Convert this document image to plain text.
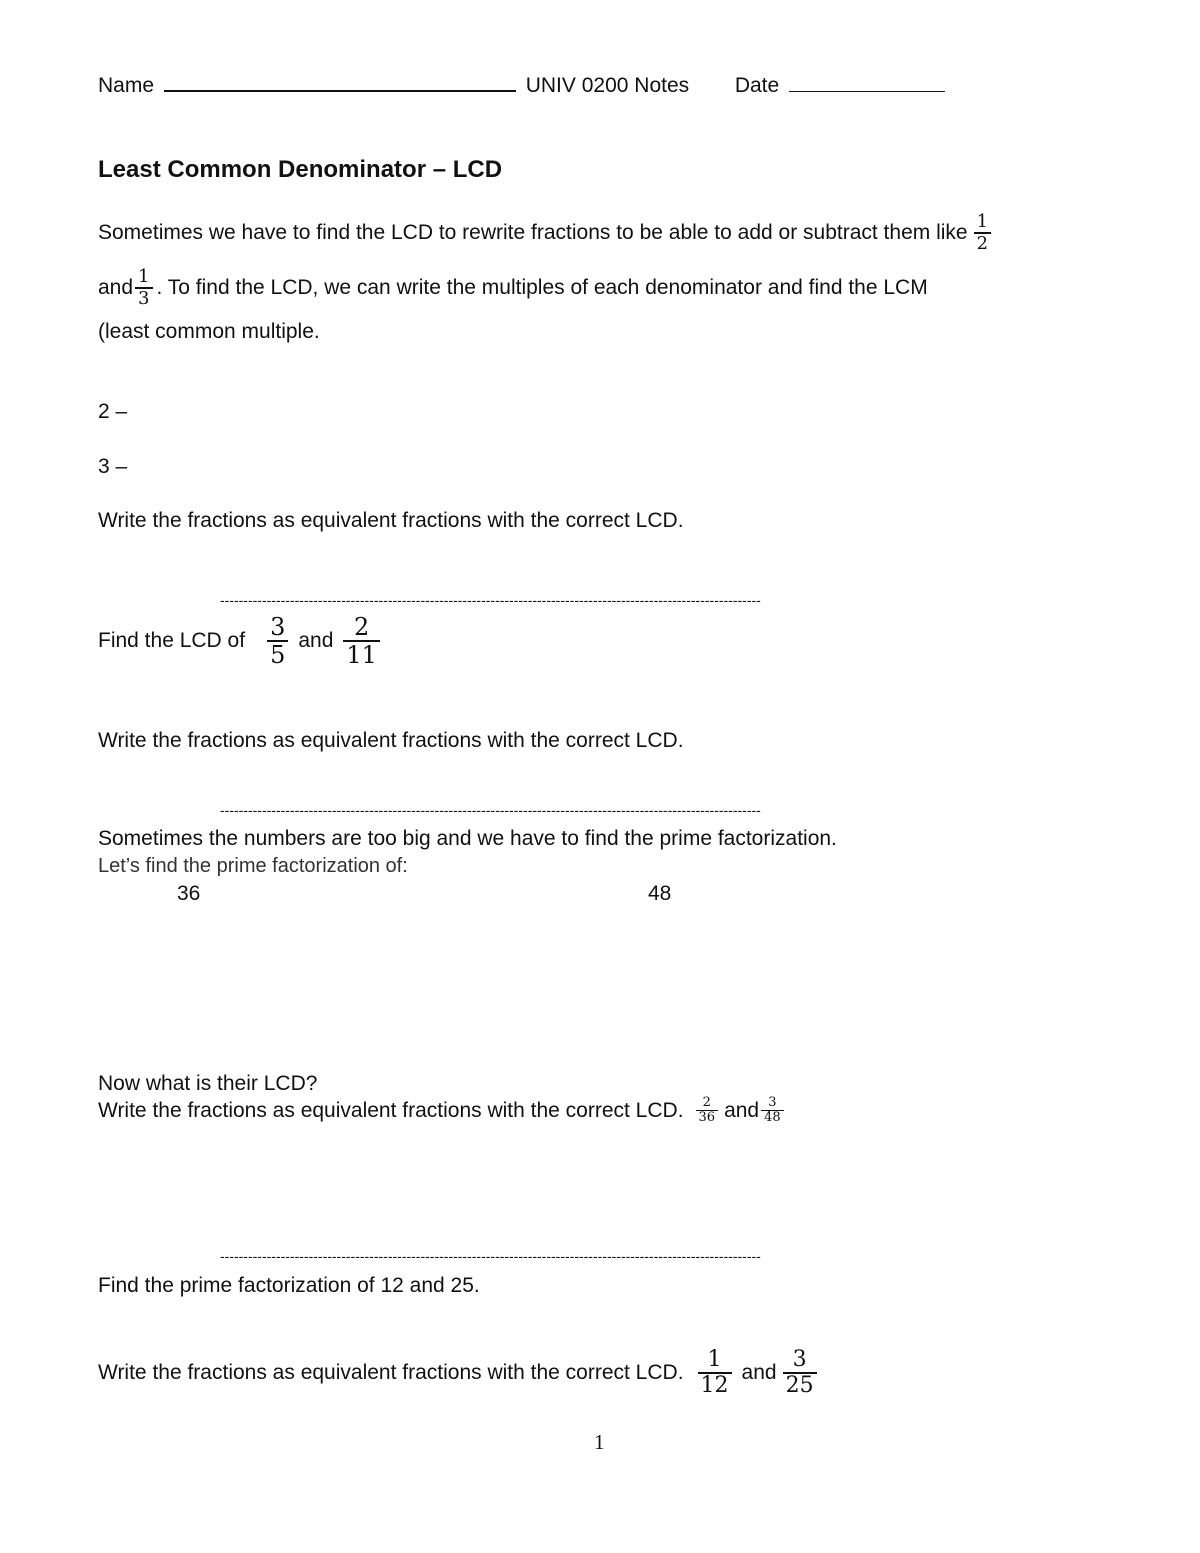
Name	UNIV 0200 Notes Date
Least Common Denominator – LCD
Sometimes we have to find the LCD to rewrite fractions to be able to add or subtract them like $\frac{1}{2}$
and $\frac{1}{3}$ . To find the LCD, we can write the multiples of each denominator and find the LCM
(least common multiple.
2 –
3 –
Write the fractions as equivalent fractions with the correct LCD.
--------------------------------------------------------------------------------------------------------------------
Find the LCD of $\frac{3}{5}$ and $\frac{2}{11}$
Write the fractions as equivalent fractions with the correct LCD.
--------------------------------------------------------------------------------------------------------------------
Sometimes the numbers are too big and we have to find the prime factorization.
Let’s find the prime factorization of:
36	48
Now what is their LCD?
Write the fractions as equivalent fractions with the correct LCD. $\frac{2}{36}$ and $\frac{3}{48}$
--------------------------------------------------------------------------------------------------------------------
Find the prime factorization of 12 and 25.
Write the fractions as equivalent fractions with the correct LCD. $\frac{1}{12}$ and $\frac{3}{25}$
1
